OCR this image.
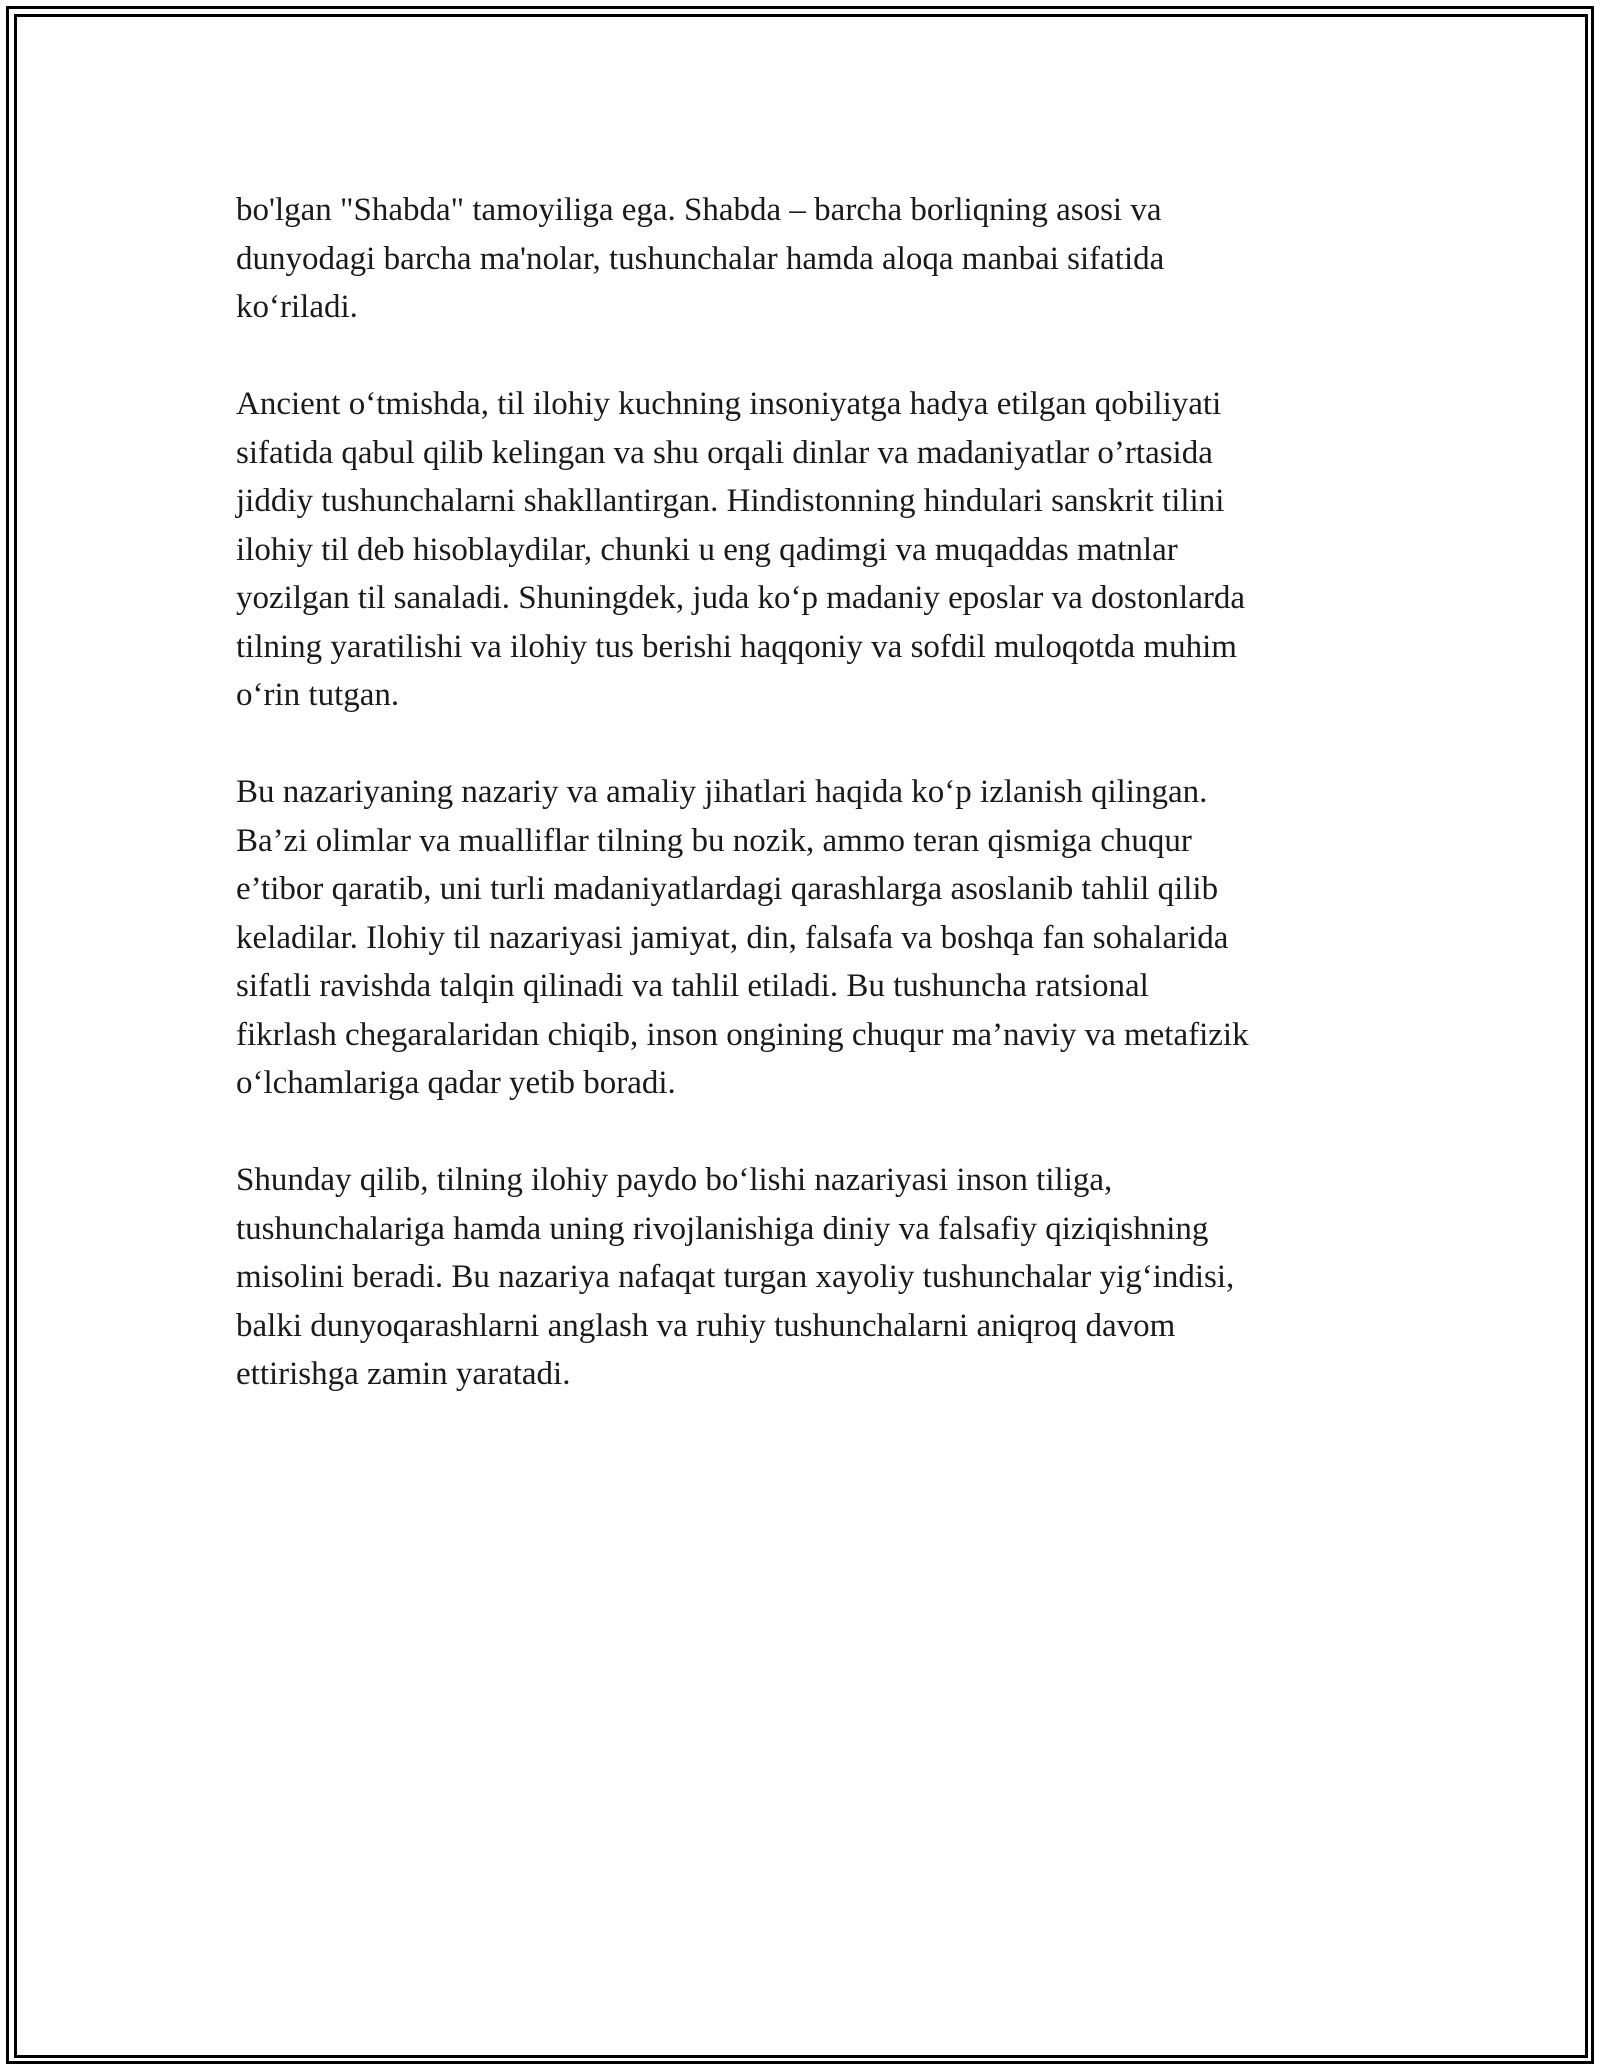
bo'lgan "Shabda" tamoyiliga ega. Shabda – barcha borliqning asosi va
dunyodagi barcha ma'nolar, tushunchalar hamda aloqa manbai sifatida
ko‘riladi.

Ancient o‘tmishda, til ilohiy kuchning insoniyatga hadya etilgan qobiliyati
sifatida qabul qilib kelingan va shu orqali dinlar va madaniyatlar o’rtasida
jiddiy tushunchalarni shakllantirgan. Hindistonning hindulari sanskrit tilini
ilohiy til deb hisoblaydilar, chunki u eng qadimgi va muqaddas matnlar
yozilgan til sanaladi. Shuningdek, juda ko‘p madaniy eposlar va dostonlarda
tilning yaratilishi va ilohiy tus berishi haqqoniy va sofdil muloqotda muhim
o‘rin tutgan.

Bu nazariyaning nazariy va amaliy jihatlari haqida ko‘p izlanish qilingan.
Ba’zi olimlar va mualliflar tilning bu nozik, ammo teran qismiga chuqur
e’tibor qaratib, uni turli madaniyatlardagi qarashlarga asoslanib tahlil qilib
keladilar. Ilohiy til nazariyasi jamiyat, din, falsafa va boshqa fan sohalarida
sifatli ravishda talqin qilinadi va tahlil etiladi. Bu tushuncha ratsional
fikrlash chegaralaridan chiqib, inson ongining chuqur ma’naviy va metafizik
o‘lchamlariga qadar yetib boradi.

Shunday qilib, tilning ilohiy paydo bo‘lishi nazariyasi inson tiliga,
tushunchalariga hamda uning rivojlanishiga diniy va falsafiy qiziqishning
misolini beradi. Bu nazariya nafaqat turgan xayoliy tushunchalar yig‘indisi,
balki dunyoqarashlarni anglash va ruhiy tushunchalarni aniqroq davom
ettirishga zamin yaratadi.
